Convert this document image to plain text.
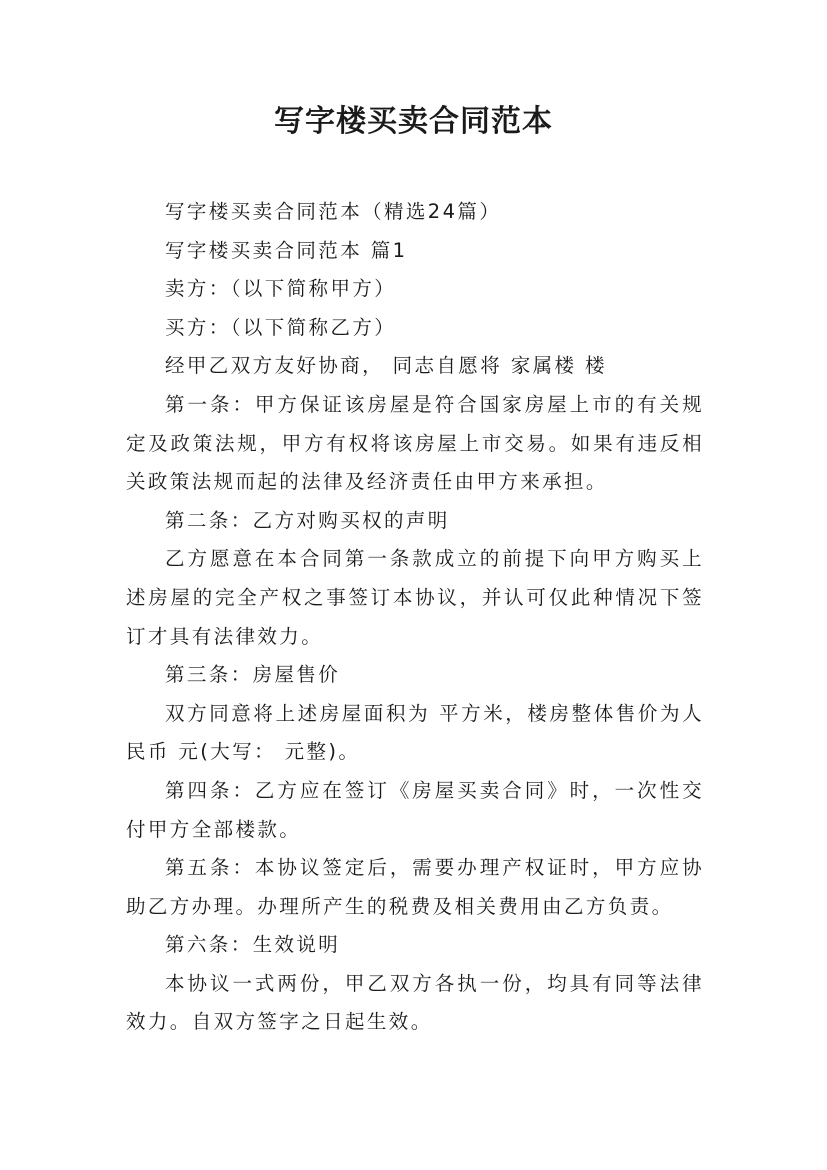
写字楼买卖合同范本

写字楼买卖合同范本（精选24篇）

写字楼买卖合同范本 篇1

卖方：（以下简称甲方）

买方：（以下简称乙方）

经甲乙双方友好协商， 同志自愿将 家属楼 楼

第一条：甲方保证该房屋是符合国家房屋上市的有关规定及政策法规，甲方有权将该房屋上市交易。如果有违反相关政策法规而起的法律及经济责任由甲方来承担。

第二条：乙方对购买权的声明

乙方愿意在本合同第一条款成立的前提下向甲方购买上述房屋的完全产权之事签订本协议，并认可仅此种情况下签订才具有法律效力。

第三条：房屋售价

双方同意将上述房屋面积为 平方米，楼房整体售价为人民币 元(大写： 元整)。

第四条：乙方应在签订《房屋买卖合同》时，一次性交付甲方全部楼款。

第五条：本协议签定后，需要办理产权证时，甲方应协助乙方办理。办理所产生的税费及相关费用由乙方负责。

第六条：生效说明

本协议一式两份，甲乙双方各执一份，均具有同等法律效力。自双方签字之日起生效。
